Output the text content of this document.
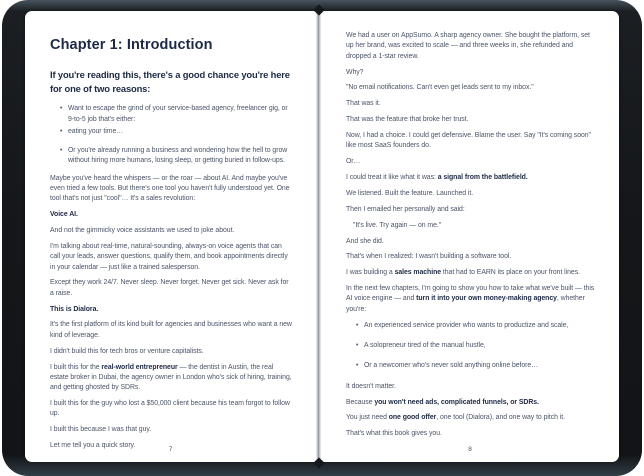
Chapter 1: Introduction
If you're reading this, there's a good chance you're here for one of two reasons:
• Want to escape the grind of your service-based agency, freelancer gig, or 9-to-5 job that's either:
• eating your time…
• Or you're already running a business and wondering how the hell to grow without hiring more humans, losing sleep, or getting buried in follow-ups.

Maybe you've heard the whispers — or the roar — about AI. And maybe you've even tried a few tools. But there's one tool you haven't fully understood yet. One tool that's not just "cool"… It's a sales revolution:

Voice AI.

And not the gimmicky voice assistants we used to joke about.

I'm talking about real-time, natural-sounding, always-on voice agents that can call your leads, answer questions, qualify them, and book appointments directly in your calendar — just like a trained salesperson.

Except they work 24/7. Never sleep. Never forget. Never get sick. Never ask for a raise.

This is Dialora.

It's the first platform of its kind built for agencies and businesses who want a new kind of leverage.

I didn't build this for tech bros or venture capitalists.

I built this for the real-world entrepreneur — the dentist in Austin, the real estate broker in Dubai, the agency owner in London who's sick of hiring, training, and getting ghosted by SDRs.

I built this for the guy who lost a $50,000 client because his team forgot to follow up.

I built this because I was that guy.

Let me tell you a quick story.

7

We had a user on AppSumo. A sharp agency owner. She bought the platform, set up her brand, was excited to scale — and three weeks in, she refunded and dropped a 1-star review.

Why?

"No email notifications. Can't even get leads sent to my inbox."

That was it.

That was the feature that broke her trust.

Now, I had a choice. I could get defensive. Blame the user. Say "It's coming soon" like most SaaS founders do.

Or…

I could treat it like what it was: a signal from the battlefield.

We listened. Built the feature. Launched it.

Then I emailed her personally and said:

"It's live. Try again — on me."

And she did.

That's when I realized: I wasn't building a software tool.

I was building a sales machine that had to EARN its place on your front lines.

In the next few chapters, I'm going to show you how to take what we've built — this AI voice engine — and turn it into your own money-making agency, whether you're:

• An experienced service provider who wants to productize and scale,
• A solopreneur tired of the manual hustle,
• Or a newcomer who's never sold anything online before…

It doesn't matter.

Because you won't need ads, complicated funnels, or SDRs.

You just need one good offer, one tool (Dialora), and one way to pitch it.

That's what this book gives you.

8
